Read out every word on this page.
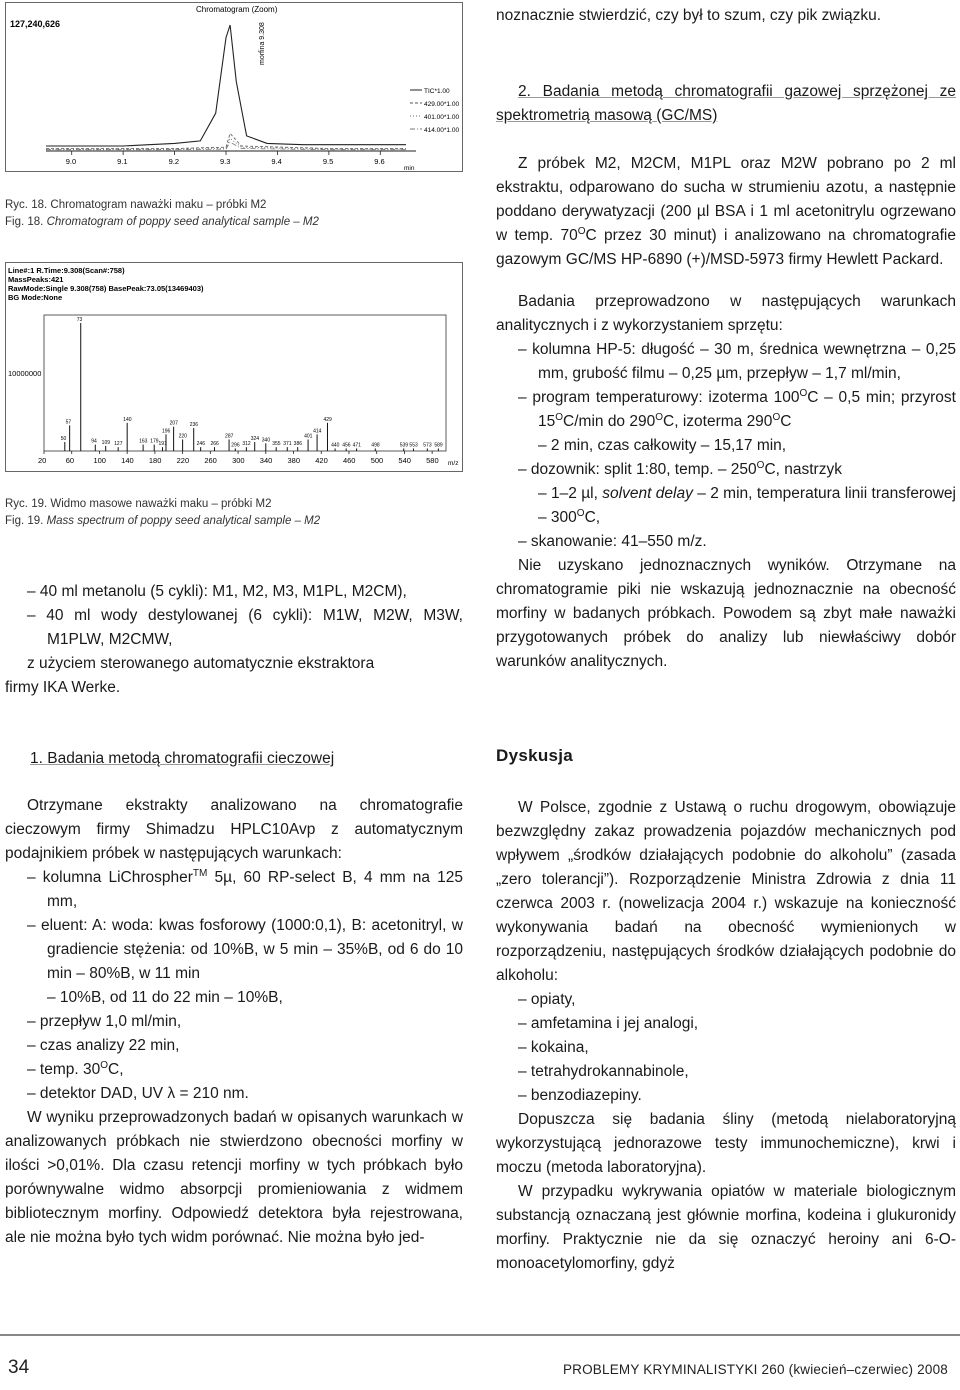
127,240,626
Chromatogram (Zoom)
morfina 9.308
TIC*1.00
429.00*1.00
401.00*1.00
414.00*1.00
9.0	9.1	9.2	9.3	9.4	9.5	9.6
min
Ryc. 18. Chromatogram naważki maku – próbki M2
Fig. 18. Chromatogram of poppy seed analytical sample – M2
Line#:1 R.Time:9.308(Scan#:758)
MassPeaks:421
RawMode:Single 9.308(758) BasePeak:73.05(13469403)
BG Mode:None
10000000
50
57
73
94 109 127
140
163 179 191
196
207
220
236
246 266
287
296 312
324 340
355 371 386
401
414
429
440 456 471 498	539 553 573 589
20	60	100 140 180 220 260 300 340 380 420 460 500 540 580 m/z
Ryc. 19. Widmo masowe naważki maku – próbki M2
Fig. 19. Mass spectrum of poppy seed analytical sample – M2
– 40 ml metanolu (5 cykli): M1, M2, M3, M1PL, M2CM),
– 40 ml wody destylowanej (6 cykli): M1W, M2W, M3W, M1PLW, M2CMW,
z użyciem sterowanego automatycznie ekstraktora
firmy IKA Werke.
1. Badania metodą chromatografii cieczowej
Otrzymane ekstrakty analizowano na chromatografie cieczowym firmy Shimadzu HPLC10Avp z automatycznym podajnikiem próbek w następujących warunkach:
– kolumna LiChrospher™ 5µ, 60 RP-select B, 4 mm na 125 mm,
– eluent: A: woda: kwas fosforowy (1000:0,1), B: acetonitryl, w gradiencie stężenia: od 10%B, w 5 min – 35%B, od 6 do 10 min – 80%B, w 11 min
– 10%B, od 11 do 22 min – 10%B,
– przepływ 1,0 ml/min,
– czas analizy 22 min,
– temp. $30^OC$,
– detektor DAD, UV λ = 210 nm.
W wyniku przeprowadzonych badań w opisanych warunkach w analizowanych próbkach nie stwierdzono obecności morfiny w ilości >0,01%. Dla czasu retencji morfiny w tych próbkach było porównywalne widmo absorpcji promieniowania z widmem bibliotecznym morfiny. Odpowiedź detektora była rejestrowana, ale nie można było tych widm porównać. Nie można było jed-
noznacznie stwierdzić, czy był to szum, czy pik związku.
2. Badania metodą chromatografii gazowej sprzężonej ze spektrometrią masową (GC/MS)
Z próbek M2, M2CM, M1PL oraz M2W pobrano po 2 ml ekstraktu, odparowano do sucha w strumieniu azotu, a następnie poddano derywatyzacji (200 µl BSA i 1 ml acetonitrylu ogrzewano w temp. $70^OC$ przez 30 minut) i analizowano na chromatografie gazowym GC/MS HP-6890 (+)/MSD-5973 firmy Hewlett Packard.
Badania przeprowadzono w następujących warunkach analitycznych i z wykorzystaniem sprzętu:
– kolumna HP-5: długość – 30 m, średnica wewnętrzna – 0,25 mm, grubość filmu – 0,25 µm, przepływ – 1,7 ml/min,
– program temperaturowy: izoterma $100^OC - 0,5$ min; przyrost $15^OC/\min$ do $290^OC$, izoterma $290^OC$
– 2 min, czas całkowity – 15,17 min,
– dozownik: split 1:80, temp. – $250^OC$, nastrzyk
– 1–2 µl, solvent delay – 2 min, temperatura linii transferowej – $300^OC$,
– skanowanie: 41–550 m/z.
Nie uzyskano jednoznacznych wyników. Otrzymane na chromatogramie piki nie wskazują jednoznacznie na obecność morfiny w badanych próbkach. Powodem są zbyt małe naważki przygotowanych próbek do analizy lub niewłaściwy dobór warunków analitycznych.
Dyskusja
W Polsce, zgodnie z Ustawą o ruchu drogowym, obowiązuje bezwzględny zakaz prowadzenia pojazdów mechanicznych pod wpływem „środków działających podobnie do alkoholu” (zasada „zero tolerancji”). Rozporządzenie Ministra Zdrowia z dnia 11 czerwca 2003 r. (nowelizacja 2004 r.) wskazuje na konieczność wykonywania badań na obecność wymienionych w rozporządzeniu, następujących środków działających podobnie do alkoholu:
– opiaty,
– amfetamina i jej analogi,
– kokaina,
– tetrahydrokannabinole,
– benzodiazepiny.
Dopuszcza się badania śliny (metodą nielaboratoryjną wykorzystującą jednorazowe testy immunochemiczne), krwi i moczu (metoda laboratoryjna).
W przypadku wykrywania opiatów w materiale biologicznym substancją oznaczaną jest głównie morfina, kodeina i glukuronidy morfiny. Praktycznie nie da się oznaczyć heroiny ani 6-O-monoacetylomorfiny, gdyż
34	PROBLEMY KRYMINALISTYKI 260 (kwiecień–czerwiec) 2008
